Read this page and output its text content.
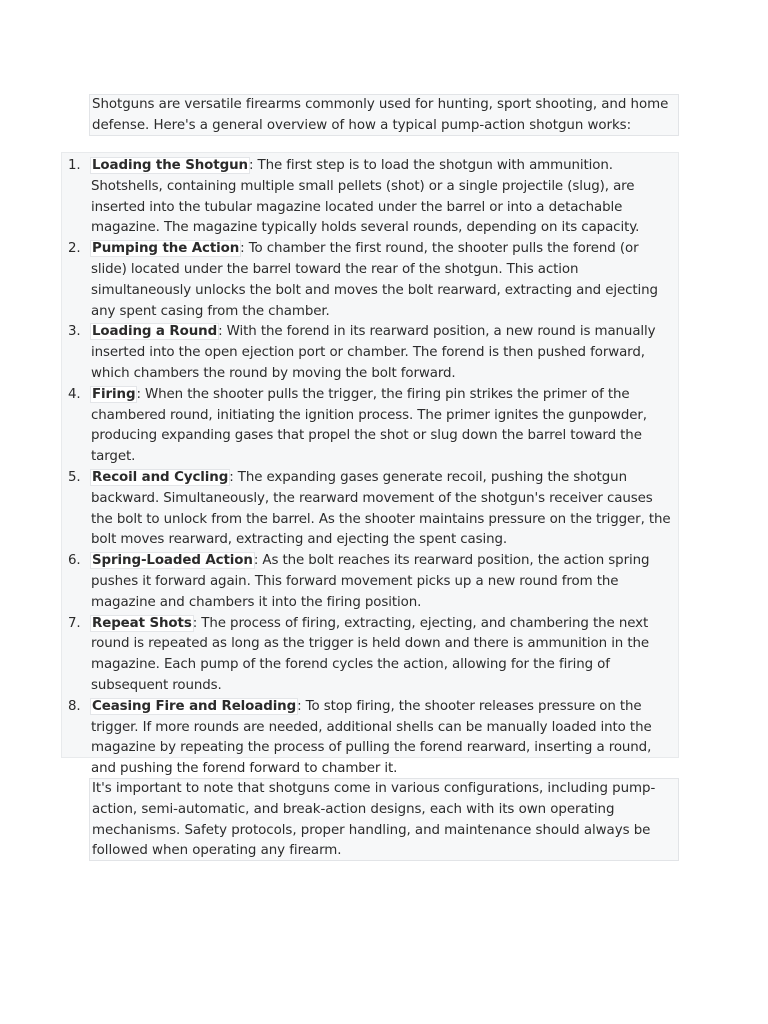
Shotguns are versatile firearms commonly used for hunting, sport shooting, and home defense. Here's a general overview of how a typical pump-action shotgun works:

1. Loading the Shotgun: The first step is to load the shotgun with ammunition. Shotshells, containing multiple small pellets (shot) or a single projectile (slug), are inserted into the tubular magazine located under the barrel or into a detachable magazine. The magazine typically holds several rounds, depending on its capacity.
2. Pumping the Action: To chamber the first round, the shooter pulls the forend (or slide) located under the barrel toward the rear of the shotgun. This action simultaneously unlocks the bolt and moves the bolt rearward, extracting and ejecting any spent casing from the chamber.
3. Loading a Round: With the forend in its rearward position, a new round is manually inserted into the open ejection port or chamber. The forend is then pushed forward, which chambers the round by moving the bolt forward.
4. Firing: When the shooter pulls the trigger, the firing pin strikes the primer of the chambered round, initiating the ignition process. The primer ignites the gunpowder, producing expanding gases that propel the shot or slug down the barrel toward the target.
5. Recoil and Cycling: The expanding gases generate recoil, pushing the shotgun backward. Simultaneously, the rearward movement of the shotgun's receiver causes the bolt to unlock from the barrel. As the shooter maintains pressure on the trigger, the bolt moves rearward, extracting and ejecting the spent casing.
6. Spring-Loaded Action: As the bolt reaches its rearward position, the action spring pushes it forward again. This forward movement picks up a new round from the magazine and chambers it into the firing position.
7. Repeat Shots: The process of firing, extracting, ejecting, and chambering the next round is repeated as long as the trigger is held down and there is ammunition in the magazine. Each pump of the forend cycles the action, allowing for the firing of subsequent rounds.
8. Ceasing Fire and Reloading: To stop firing, the shooter releases pressure on the trigger. If more rounds are needed, additional shells can be manually loaded into the magazine by repeating the process of pulling the forend rearward, inserting a round, and pushing the forend forward to chamber it.

It's important to note that shotguns come in various configurations, including pump-action, semi-automatic, and break-action designs, each with its own operating mechanisms. Safety protocols, proper handling, and maintenance should always be followed when operating any firearm.
